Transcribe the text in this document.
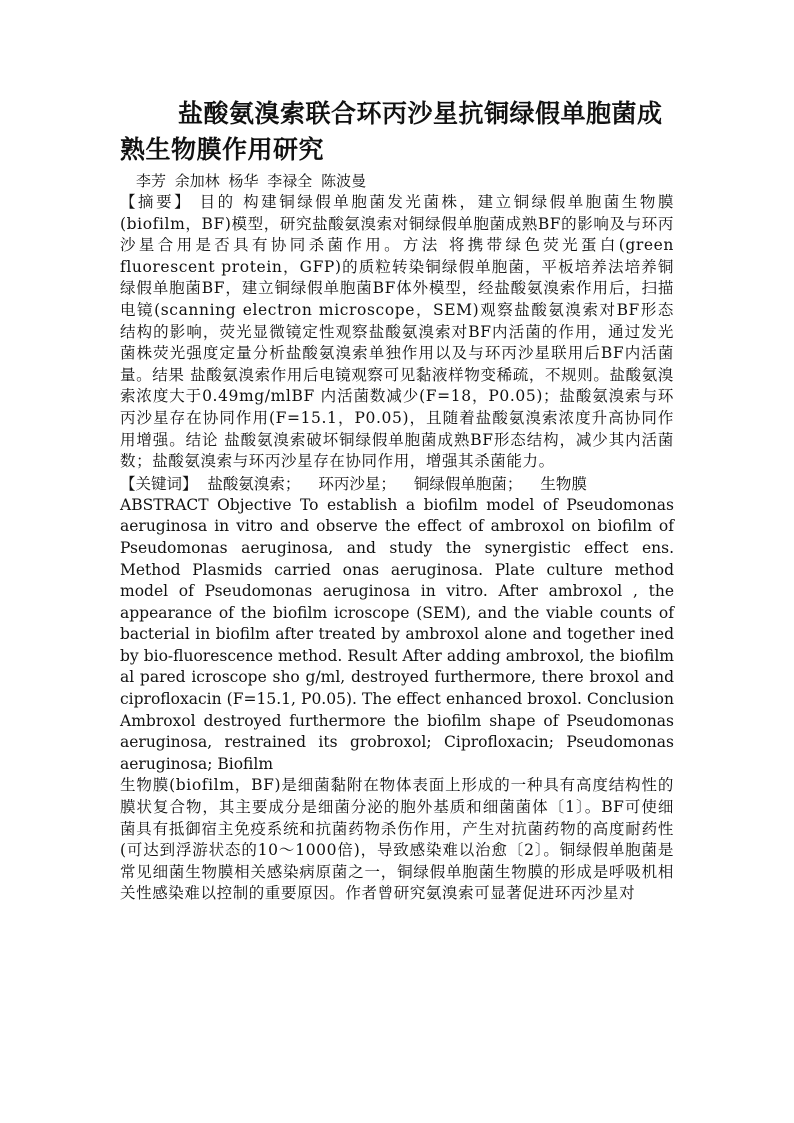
盐酸氨溴索联合环丙沙星抗铜绿假单胞菌成熟生物膜作用研究

李芳 余加林 杨华 李禄全 陈波曼

【摘要】 目的 构建铜绿假单胞菌发光菌株，建立铜绿假单胞菌生物膜(biofilm，BF)模型，研究盐酸氨溴索对铜绿假单胞菌成熟BF的影响及与环丙沙星合用是否具有协同杀菌作用。方法 将携带绿色荧光蛋白(green fluorescent protein，GFP)的质粒转染铜绿假单胞菌，平板培养法培养铜绿假单胞菌BF，建立铜绿假单胞菌BF体外模型，经盐酸氨溴索作用后，扫描电镜(scanning electron microscope，SEM)观察盐酸氨溴索对BF形态结构的影响，荧光显微镜定性观察盐酸氨溴索对BF内活菌的作用，通过发光菌株荧光强度定量分析盐酸氨溴索单独作用以及与环丙沙星联用后BF内活菌量。结果 盐酸氨溴索作用后电镜观察可见黏液样物变稀疏，不规则。盐酸氨溴索浓度大于0.49mg/mlBF 内活菌数减少(F=18，P0.05)；盐酸氨溴索与环丙沙星存在协同作用(F=15.1，P0.05)，且随着盐酸氨溴索浓度升高协同作用增强。结论 盐酸氨溴索破坏铜绿假单胞菌成熟BF形态结构，减少其内活菌数；盐酸氨溴索与环丙沙星存在协同作用，增强其杀菌能力。

【关键词】 盐酸氨溴索； 环丙沙星； 铜绿假单胞菌； 生物膜

ABSTRACT Objective To establish a biofilm model of Pseudomonas aeruginosa in vitro and observe the effect of ambroxol on biofilm of Pseudomonas aeruginosa, and study the synergistic effect ens. Method Plasmids carried onas aeruginosa. Plate culture method model of Pseudomonas aeruginosa in vitro. After ambroxol , the appearance of the biofilm icroscope (SEM), and the viable counts of bacterial in biofilm after treated by ambroxol alone and together ined by bio-fluorescence method. Result After adding ambroxol, the biofilm al pared icroscope sho g/ml, destroyed furthermore, there broxol and ciprofloxacin (F=15.1, P0.05). The effect enhanced broxol. Conclusion Ambroxol destroyed furthermore the biofilm shape of Pseudomonas aeruginosa, restrained its grobroxol; Ciprofloxacin; Pseudomonas aeruginosa; Biofilm

生物膜(biofilm，BF)是细菌黏附在物体表面上形成的一种具有高度结构性的膜状复合物，其主要成分是细菌分泌的胞外基质和细菌菌体〔1〕。BF可使细菌具有抵御宿主免疫系统和抗菌药物杀伤作用，产生对抗菌药物的高度耐药性(可达到浮游状态的10～1000倍)，导致感染难以治愈〔2〕。铜绿假单胞菌是常见细菌生物膜相关感染病原菌之一，铜绿假单胞菌生物膜的形成是呼吸机相关性感染难以控制的重要原因。作者曾研究氨溴索可显著促进环丙沙星对
